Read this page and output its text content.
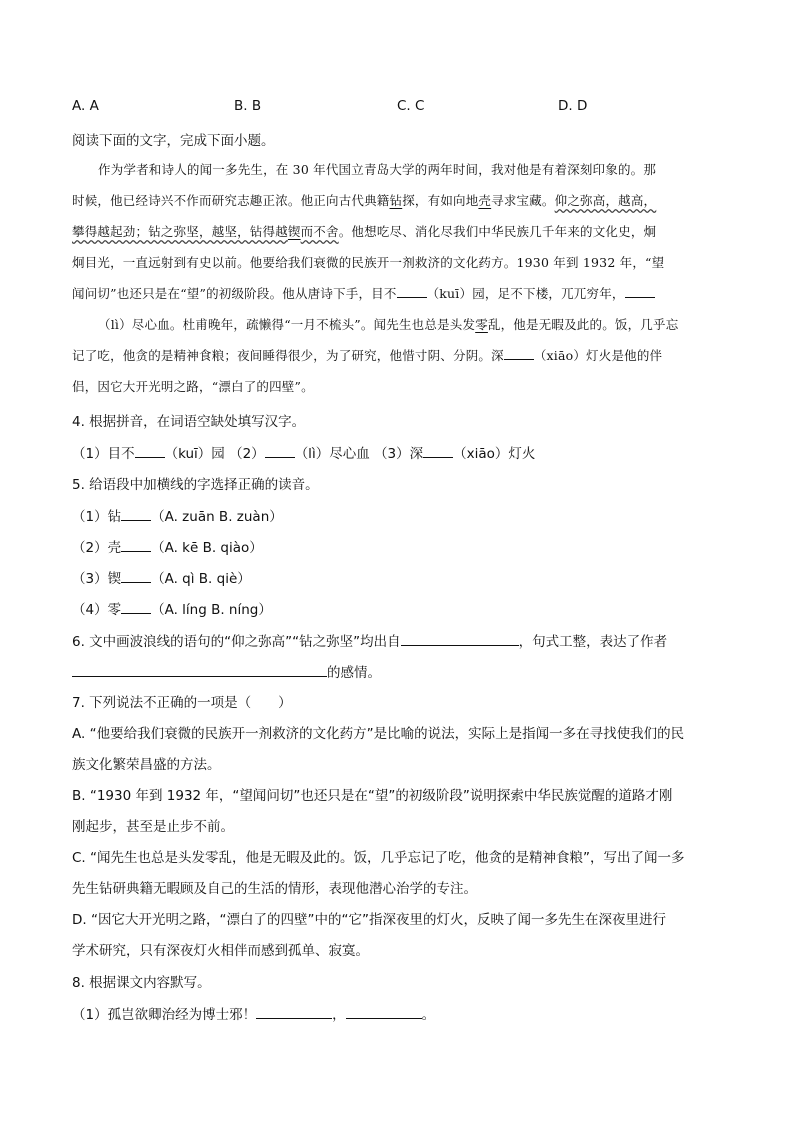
A. A	B. B	C. C	D. D
阅读下面的文字，完成下面小题。
作为学者和诗人的闻一多先生，在 30 年代国立青岛大学的两年时间，我对他是有着深刻印象的。那
时候，他已经诗兴不作而研究志趣正浓。他正向古代典籍钻探，有如向地壳寻求宝藏。仰之弥高，越高，
攀得越起劲；钻之弥坚，越坚，钻得越锲而不舍。他想吃尽、消化尽我们中华民族几千年来的文化史，炯
炯目光，一直远射到有史以前。他要给我们衰微的民族开一剂救济的文化药方。1930 年到 1932 年，“望
闻问切”也还只是在“望”的初级阶段。他从唐诗下手，目不 （kuī）园，足不下楼，兀兀穷年，
（lì）尽心血。杜甫晚年，疏懒得“一月不梳头”。闻先生也总是头发零乱，他是无暇及此的。饭，几乎忘
记了吃，他贪的是精神食粮；夜间睡得很少，为了研究，他惜寸阴、分阴。深 （xiāo）灯火是他的伴
侣，因它大开光明之路，“漂白了的四壁”。
4. 根据拼音，在词语空缺处填写汉字。
（1）目不 （kuī）园 （2） （lì）尽心血 （3）深 （xiāo）灯火
5. 给语段中加横线的字选择正确的读音。
（1）钻 （A. zuān B. zuàn）
（2）壳 （A. kē B. qiào）
（3）锲 （A. qì B. qiè）
（4）零 （A. líng B. níng）
6. 文中画波浪线的语句的“仰之弥高”“钻之弥坚”均出自	，句式工整，表达了作者
的感情。
7. 下列说法不正确的一项是（　　）
A. “他要给我们衰微的民族开一剂救济的文化药方”是比喻的说法，实际上是指闻一多在寻找使我们的民
族文化繁荣昌盛的方法。
B. “1930 年到 1932 年，“望闻问切”也还只是在“望”的初级阶段”说明探索中华民族觉醒的道路才刚
刚起步，甚至是止步不前。
C. “闻先生也总是头发零乱，他是无暇及此的。饭，几乎忘记了吃，他贪的是精神食粮”，写出了闻一多
先生钻研典籍无暇顾及自己的生活的情形，表现他潜心治学的专注。
D. “因它大开光明之路，“漂白了的四壁”中的“它”指深夜里的灯火，反映了闻一多先生在深夜里进行
学术研究，只有深夜灯火相伴而感到孤单、寂寞。
8. 根据课文内容默写。
（1）孤岂欲卿治经为博士邪！	，	。
